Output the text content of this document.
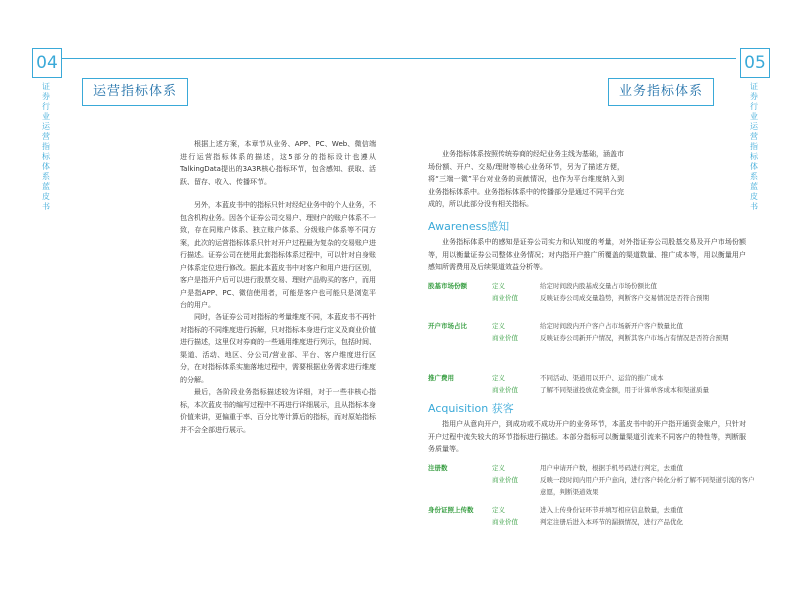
04
证券行业运营指标体系蓝皮书
运营指标体系

根据上述方案，本章节从业务、APP、PC、Web、微信端进行运营指标体系的描述，这5部分的指标设计也遵从TalkingData提出的3A3R核心指标环节，包含感知、获取、活跃、留存、收入、传播环节。

另外，本蓝皮书中的指标只针对经纪业务中的个人业务，不包含机构业务。因各个证券公司交易户、理财户的账户体系不一致，存在同账户体系、独立账户体系、分级账户体系等不同方案，此次的运营指标体系只针对开户过程最为复杂的交易账户进行描述。证券公司在使用此套指标体系过程中，可以针对自身账户体系定位进行修改。据此本蓝皮书中对客户和用户进行区别，客户是指开户后可以进行股票交易、理财产品购买的客户，而用户是指APP、PC、微信使用者，可能是客户也可能只是浏览平台的用户。

同时，各证券公司对指标的考量维度不同，本蓝皮书不再针对指标的不同维度进行拆解，只对指标本身进行定义及商业价值进行描述，这里仅对券商的一些通用维度进行列示，包括时间、渠道、活动、地区、分公司/营业部、平台、客户维度进行区分，在对指标体系实施落地过程中，需要根据业务需求进行维度的分解。

最后，各阶段业务指标描述较为详细，对于一些非核心指标，本次蓝皮书的编写过程中不再进行详细展示，且从指标本身价值来讲，更偏重于率、百分比等计算后的指标，而对原始指标并不会全部进行展示。

05
证券行业运营指标体系蓝皮书
业务指标体系

业务指标体系按照传统券商的经纪业务主线为基础，涵盖市场份额、开户、交易/理财等核心业务环节，另为了描述方便，将“三端一微”平台对业务的贡献情况，也作为平台维度纳入到业务指标体系中。业务指标体系中的传播部分是通过不同平台完成的，所以此部分没有相关指标。

Awareness感知

业务指标体系中的感知是证券公司实力和认知度的考量，对外指证券公司股基交易及开户市场份额等，用以衡量证券公司整体业务情况；对内指开户推广所覆盖的渠道数量、推广成本等，用以衡量用户感知所需费用及后续渠道效益分析等。

股基市场份额	定义	给定时间段内股基成交量占市场份额比值
商业价值	反映证券公司成交量趋势，判断客户交易情况是否符合预期
开户市场占比	定义	给定时间段内开户客户占市场新开户客户数量比值
商业价值	反映证券公司新开户情况，判断其客户市场占有情况是否符合预期
推广费用	定义	不同活动、渠道用以开户、运营的推广成本
商业价值	了解不同渠道投放花费金额，用于计算单客成本和渠道质量
Acquisition 获客

指用户从意向开户，到成功或不成功开户的业务环节，本蓝皮书中的开户指开通资金账户，只针对开户过程中流失较大的环节指标进行描述。本部分指标可以衡量渠道引流来不同客户的特性等，判断服务质量等。

注册数	定义	用户申请开户数，根据手机号码进行判定，去重值
商业价值	反映一段时间内用户开户意向，进行客户转化分析了解不同渠道引流的客户意愿，判断渠道效果
身份证照上传数	定义	进入上传身份证环节并填写相应信息数量，去重值
商业价值	判定注册后进入本环节的漏损情况，进行产品优化
